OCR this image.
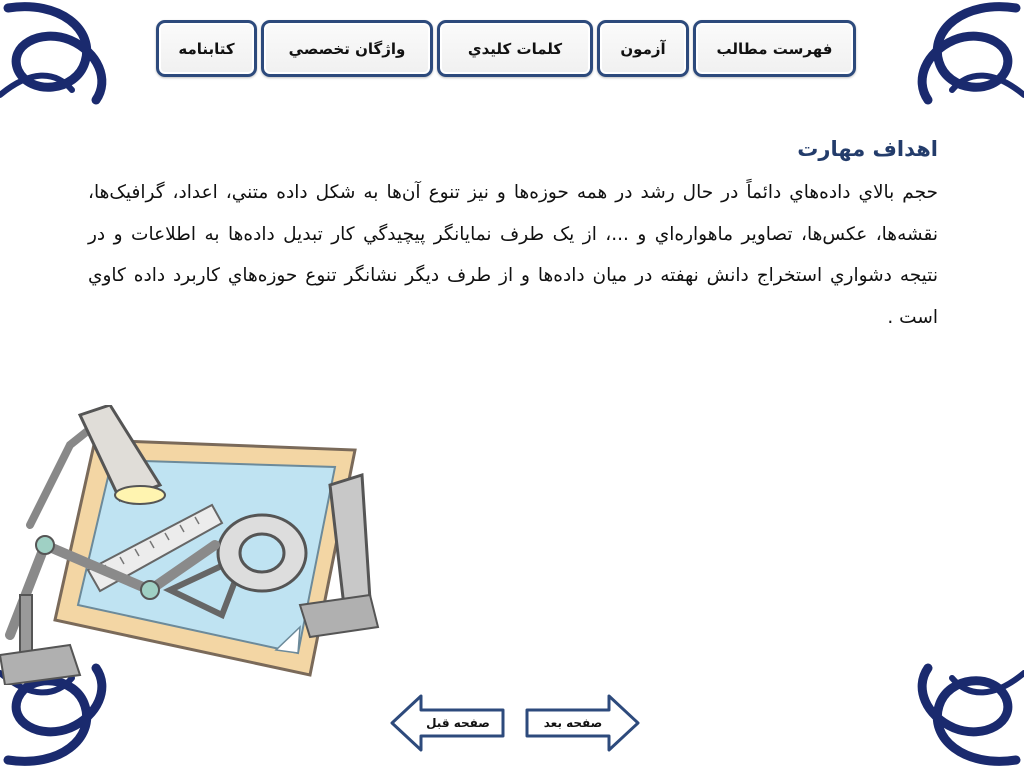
فهرست مطالب
آزمون
كلمات كليدي
واژگان تخصصي
کتابنامه
اهداف مهارت

حجم بالاي داده‌هاي دائماً در حال رشد در همه حوزه‌ها و نيز تنوع آن‌ها به شکل داده متني، اعداد، گرافيک‌ها، نقشه‌ها، عکس‌ها، تصاوير ماهواره‌اي و ...، از يک طرف نمايانگر پيچيدگي کار تبديل داده‌ها به اطلاعات و در نتيجه دشواري استخراج دانش نهفته در ميان داده‌ها و از طرف ديگر نشانگر تنوع حوزه‌هاي کاربرد داده کاوي است .

صفحه بعد
صفحه قبل
